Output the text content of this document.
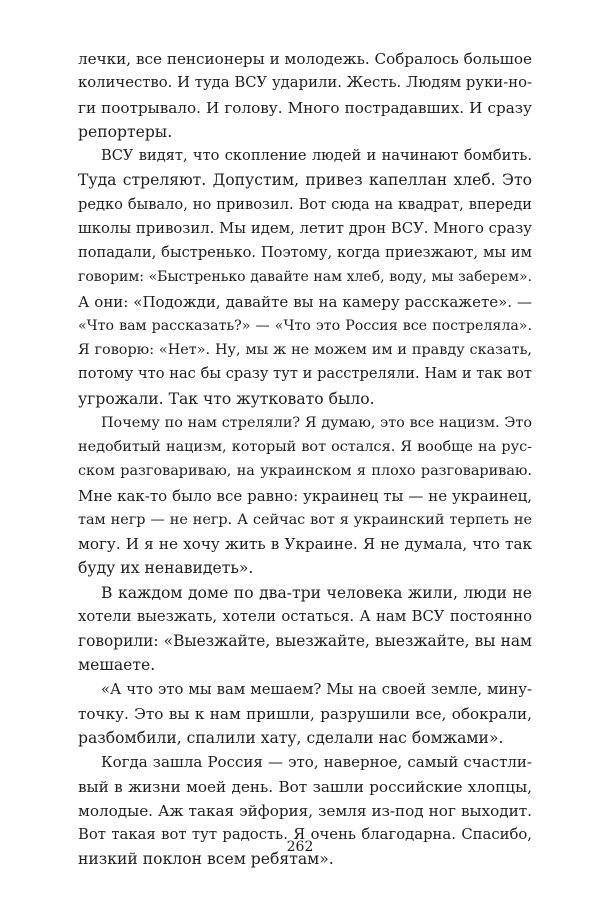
лечки, все пенсионеры и молодежь. Собралось большое
количество. И туда ВСУ ударили. Жесть. Людям руки-но-
ги поотрывало. И голову. Много пострадавших. И сразу
репортеры.
ВСУ видят, что скопление людей и начинают бомбить.
Туда стреляют. Допустим, привез капеллан хлеб. Это
редко бывало, но привозил. Вот сюда на квадрат, впереди
школы привозил. Мы идем, летит дрон ВСУ. Много сразу
попадали, быстренько. Поэтому, когда приезжают, мы им
говорим: «Быстренько давайте нам хлеб, воду, мы заберем».
А они: «Подожди, давайте вы на камеру расскажете». —
«Что вам рассказать?» — «Что это Россия все постреляла».
Я говорю: «Нет». Ну, мы ж не можем им и правду сказать,
потому что нас бы сразу тут и расстреляли. Нам и так вот
угрожали. Так что жутковато было.
Почему по нам стреляли? Я думаю, это все нацизм. Это
недобитый нацизм, который вот остался. Я вообще на рус-
ском разговариваю, на украинском я плохо разговариваю.
Мне как-то было все равно: украинец ты — не украинец,
там негр — не негр. А сейчас вот я украинский терпеть не
могу. И я не хочу жить в Украине. Я не думала, что так
буду их ненавидеть».
В каждом доме по два-три человека жили, люди не
хотели выезжать, хотели остаться. А нам ВСУ постоянно
говорили: «Выезжайте, выезжайте, выезжайте, вы нам
мешаете.
«А что это мы вам мешаем? Мы на своей земле, мину-
точку. Это вы к нам пришли, разрушили все, обокрали,
разбомбили, спалили хату, сделали нас бомжами».
Когда зашла Россия — это, наверное, самый счастли-
вый в жизни моей день. Вот зашли российские хлопцы,
молодые. Аж такая эйфория, земля из-под ног выходит.
Вот такая вот тут радость. Я очень благодарна. Спасибо,
низкий поклон всем ребятам».
262
